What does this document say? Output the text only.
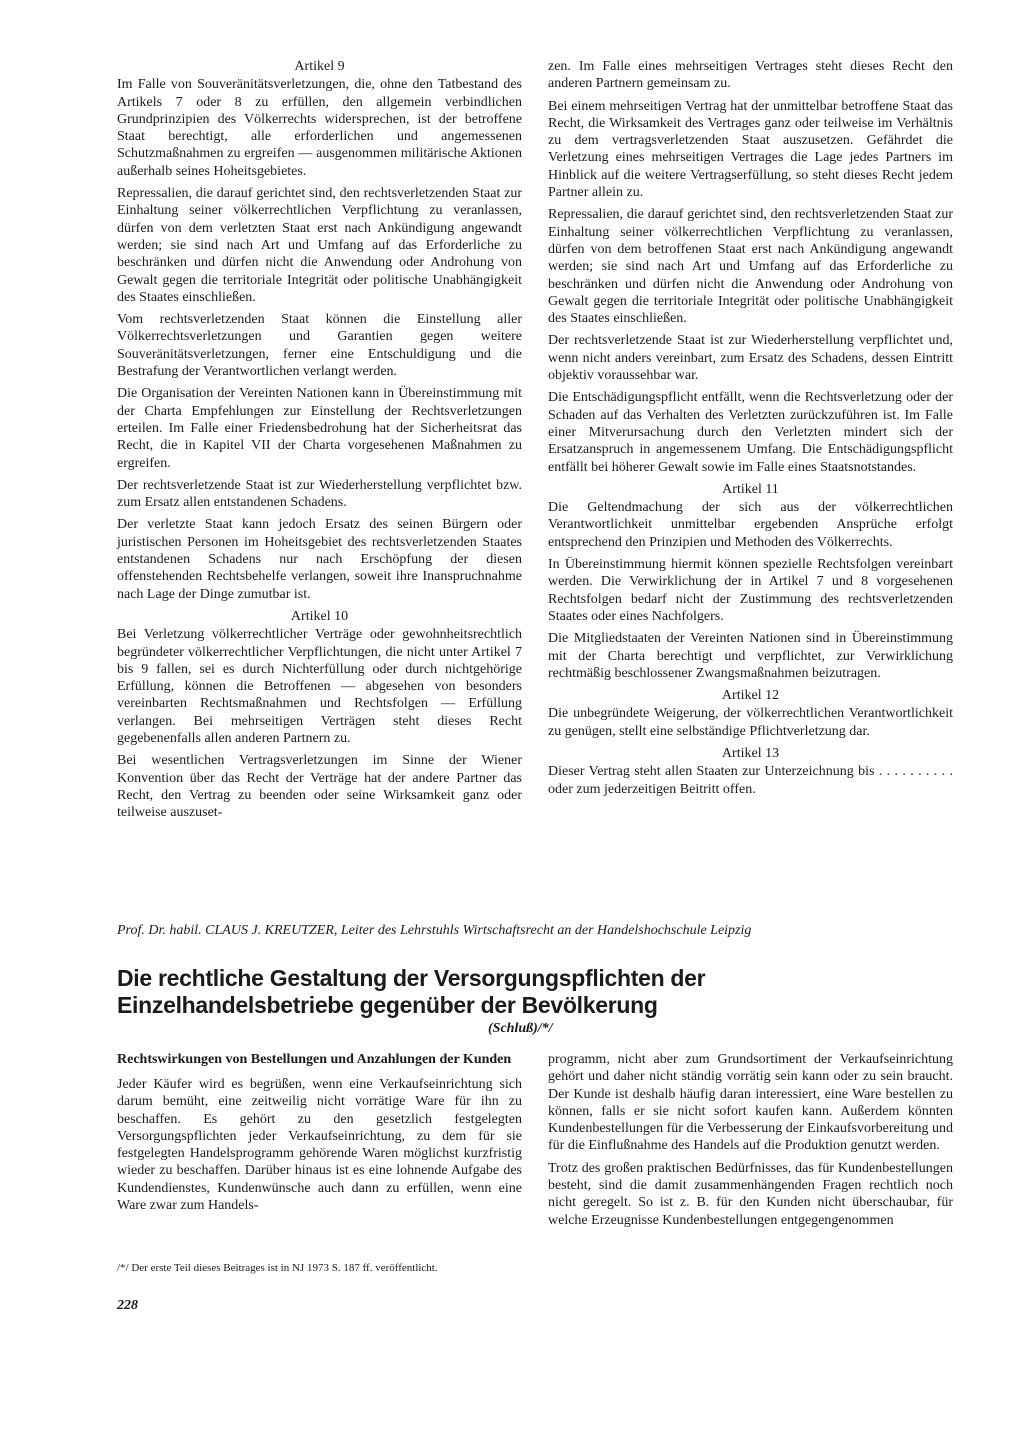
Artikel 9

Im Falle von Souveränitätsverletzungen, die, ohne den Tatbestand des Artikels 7 oder 8 zu erfüllen, den allgemein verbindlichen Grundprinzipien des Völkerrechts widersprechen, ist der betroffene Staat berechtigt, alle erforderlichen und angemessenen Schutzmaßnahmen zu ergreifen — ausgenommen militärische Aktionen außerhalb seines Hoheitsgebietes.

Repressalien, die darauf gerichtet sind, den rechtsverletzenden Staat zur Einhaltung seiner völkerrechtlichen Verpflichtung zu veranlassen, dürfen von dem verletzten Staat erst nach Ankündigung angewandt werden; sie sind nach Art und Umfang auf das Erforderliche zu beschränken und dürfen nicht die Anwendung oder Androhung von Gewalt gegen die territoriale Integrität oder politische Unabhängigkeit des Staates einschließen.

Vom rechtsverletzenden Staat können die Einstellung aller Völkerrechtsverletzungen und Garantien gegen weitere Souveränitätsverletzungen, ferner eine Entschuldigung und die Bestrafung der Verantwortlichen verlangt werden.

Die Organisation der Vereinten Nationen kann in Übereinstimmung mit der Charta Empfehlungen zur Einstellung der Rechtsverletzungen erteilen. Im Falle einer Friedensbedrohung hat der Sicherheitsrat das Recht, die in Kapitel VII der Charta vorgesehenen Maßnahmen zu ergreifen.

Der rechtsverletzende Staat ist zur Wiederherstellung verpflichtet bzw. zum Ersatz allen entstandenen Schadens.

Der verletzte Staat kann jedoch Ersatz des seinen Bürgern oder juristischen Personen im Hoheitsgebiet des rechtsverletzenden Staates entstandenen Schadens nur nach Erschöpfung der diesen offenstehenden Rechtsbehelfe verlangen, soweit ihre Inanspruchnahme nach Lage der Dinge zumutbar ist.

Artikel 10

Bei Verletzung völkerrechtlicher Verträge oder gewohnheitsrechtlich begründeter völkerrechtlicher Verpflichtungen, die nicht unter Artikel 7 bis 9 fallen, sei es durch Nichterfüllung oder durch nichtgehörige Erfüllung, können die Betroffenen — abgesehen von besonders vereinbarten Rechtsmaßnahmen und Rechtsfolgen — Erfüllung verlangen. Bei mehrseitigen Verträgen steht dieses Recht gegebenenfalls allen anderen Partnern zu.

Bei wesentlichen Vertragsverletzungen im Sinne der Wiener Konvention über das Recht der Verträge hat der andere Partner das Recht, den Vertrag zu beenden oder seine Wirksamkeit ganz oder teilweise auszuset-

zen. Im Falle eines mehrseitigen Vertrages steht dieses Recht den anderen Partnern gemeinsam zu.

Bei einem mehrseitigen Vertrag hat der unmittelbar betroffene Staat das Recht, die Wirksamkeit des Vertrages ganz oder teilweise im Verhältnis zu dem vertragsverletzenden Staat auszusetzen. Gefährdet die Verletzung eines mehrseitigen Vertrages die Lage jedes Partners im Hinblick auf die weitere Vertragserfüllung, so steht dieses Recht jedem Partner allein zu.

Repressalien, die darauf gerichtet sind, den rechtsverletzenden Staat zur Einhaltung seiner völkerrechtlichen Verpflichtung zu veranlassen, dürfen von dem betroffenen Staat erst nach Ankündigung angewandt werden; sie sind nach Art und Umfang auf das Erforderliche zu beschränken und dürfen nicht die Anwendung oder Androhung von Gewalt gegen die territoriale Integrität oder politische Unabhängigkeit des Staates einschließen.

Der rechtsverletzende Staat ist zur Wiederherstellung verpflichtet und, wenn nicht anders vereinbart, zum Ersatz des Schadens, dessen Eintritt objektiv voraussehbar war.

Die Entschädigungspflicht entfällt, wenn die Rechtsverletzung oder der Schaden auf das Verhalten des Verletzten zurückzuführen ist. Im Falle einer Mitverursachung durch den Verletzten mindert sich der Ersatzanspruch in angemessenem Umfang. Die Entschädigungspflicht entfällt bei höherer Gewalt sowie im Falle eines Staatsnotstandes.

Artikel 11

Die Geltendmachung der sich aus der völkerrechtlichen Verantwortlichkeit unmittelbar ergebenden Ansprüche erfolgt entsprechend den Prinzipien und Methoden des Völkerrechts.

In Übereinstimmung hiermit können spezielle Rechtsfolgen vereinbart werden. Die Verwirklichung der in Artikel 7 und 8 vorgesehenen Rechtsfolgen bedarf nicht der Zustimmung des rechtsverletzenden Staates oder eines Nachfolgers.

Die Mitgliedstaaten der Vereinten Nationen sind in Übereinstimmung mit der Charta berechtigt und verpflichtet, zur Verwirklichung rechtmäßig beschlossener Zwangsmaßnahmen beizutragen.

Artikel 12

Die unbegründete Weigerung, der völkerrechtlichen Verantwortlichkeit zu genügen, stellt eine selbständige Pflichtverletzung dar.

Artikel 13

Dieser Vertrag steht allen Staaten zur Unterzeichnung bis . . . . . . . . . . oder zum jederzeitigen Beitritt offen.

Prof. Dr. habil. CLAUS J. KREUTZER, Leiter des Lehrstuhls Wirtschaftsrecht an der Handelshochschule Leipzig

Die rechtliche Gestaltung der Versorgungspflichten der Einzelhandelsbetriebe gegenüber der Bevölkerung

(Schluß)/*/

Rechtswirkungen von Bestellungen und Anzahlungen der Kunden

Jeder Käufer wird es begrüßen, wenn eine Verkaufseinrichtung sich darum bemüht, eine zeitweilig nicht vorrätige Ware für ihn zu beschaffen. Es gehört zu den gesetzlich festgelegten Versorgungspflichten jeder Verkaufseinrichtung, zu dem für sie festgelegten Handelsprogramm gehörende Waren möglichst kurzfristig wieder zu beschaffen. Darüber hinaus ist es eine lohnende Aufgabe des Kundendienstes, Kundenwünsche auch dann zu erfüllen, wenn eine Ware zwar zum Handels-

programm, nicht aber zum Grundsortiment der Verkaufseinrichtung gehört und daher nicht ständig vorrätig sein kann oder zu sein braucht. Der Kunde ist deshalb häufig daran interessiert, eine Ware bestellen zu können, falls er sie nicht sofort kaufen kann. Außerdem könnten Kundenbestellungen für die Verbesserung der Einkaufsvorbereitung und für die Einflußnahme des Handels auf die Produktion genutzt werden.

Trotz des großen praktischen Bedürfnisses, das für Kundenbestellungen besteht, sind die damit zusammenhängenden Fragen rechtlich noch nicht geregelt. So ist z. B. für den Kunden nicht überschaubar, für welche Erzeugnisse Kundenbestellungen entgegengenommen

/*/ Der erste Teil dieses Beitrages ist in NJ 1973 S. 187 ff. veröffentlicht.

228
